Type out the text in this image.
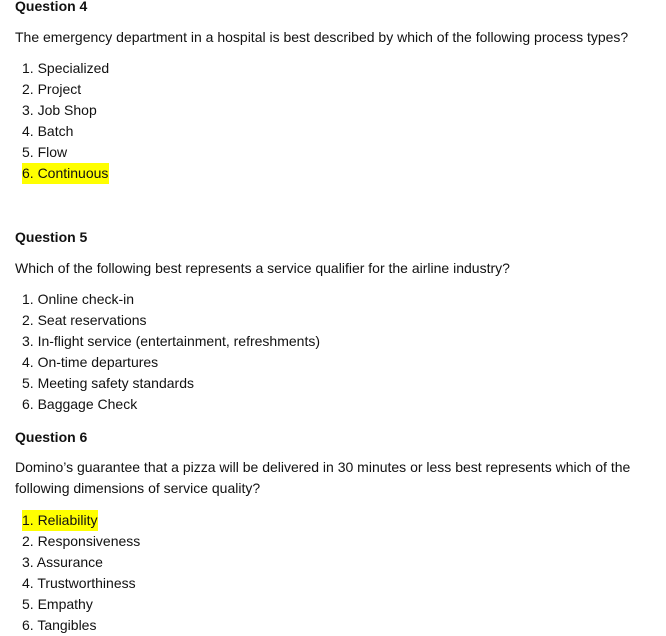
Question 4

The emergency department in a hospital is best described by which of the following process types?

1. Specialized
2. Project
3. Job Shop
4. Batch
5. Flow
6. Continuous
Question 5

Which of the following best represents a service qualifier for the airline industry?

1. Online check-in
2. Seat reservations
3. In-flight service (entertainment, refreshments)
4. On-time departures
5. Meeting safety standards
6. Baggage Check
Question 6

Domino’s guarantee that a pizza will be delivered in 30 minutes or less best represents which of the following dimensions of service quality?

1. Reliability
2. Responsiveness
3. Assurance
4. Trustworthiness
5. Empathy
6. Tangibles
